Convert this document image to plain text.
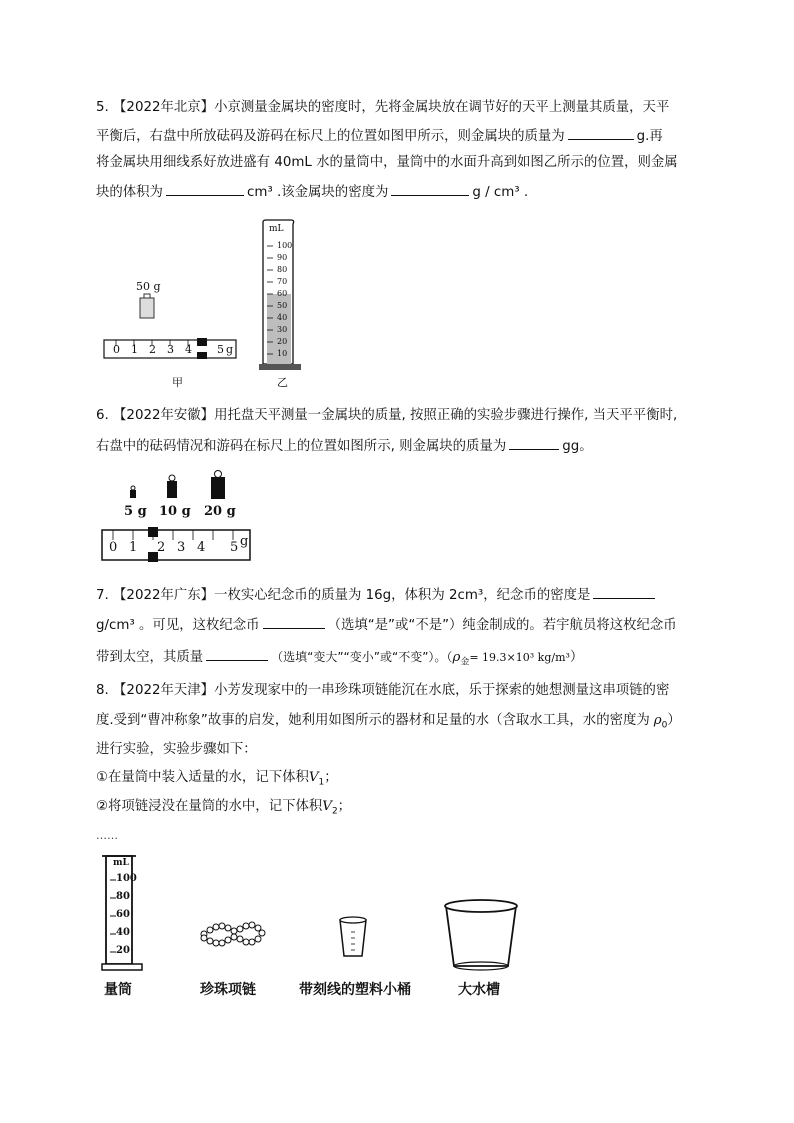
5. 【2022年北京】小京测量金属块的密度时，先将金属块放在调节好的天平上测量其质量，天平
平衡后，右盘中所放砝码及游码在标尺上的位置如图甲所示，则金属块的质量为	g.再
将金属块用细线系好放进盛有 40mL 水的量筒中，量筒中的水面升高到如图乙所示的位置，则金属
块的体积为	cm³ .该金属块的密度为	g / cm³ .
50 g
0 1 2 3 4 5 g
甲
mL
100
90
80
70
60
50
40
30
20
10
乙
6. 【2022年安徽】用托盘天平测量一金属块的质量, 按照正确的实验步骤进行操作, 当天平平衡时,
右盘中的砝码情况和游码在标尺上的位置如图所示, 则金属块的质量为	gg。
5 g 10 g 20 g
0 1 2 3 4 5 g
7. 【2022年广东】一枚实心纪念币的质量为 16g，体积为 2cm³，纪念币的密度是
g/cm³ 。可见，这枚纪念币	（选填“是”或“不是”）纯金制成的。若宇航员将这枚纪念币
带到太空，其质量	（选填“变大”“变小”或“不变”）。（$\rho_金= 19.3\times 10^3$ kg/m³）
8. 【2022年天津】小芳发现家中的一串珍珠项链能沉在水底，乐于探索的她想测量这串项链的密
度.受到“曹冲称象”故事的启发，她利用如图所示的器材和足量的水（含取水工具，水的密度为 $\rho_0$）
进行实验，实验步骤如下：
①在量筒中装入适量的水，记下体积$V_1$；
②将项链浸没在量筒的水中，记下体积$V_2$；
……
mL
100
80
60
40
20
量筒	珍珠项链	带刻线的塑料小桶	大水槽
